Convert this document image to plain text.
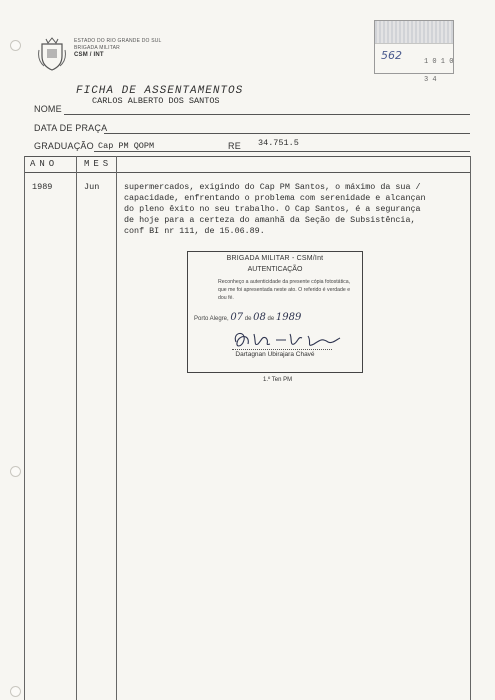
ESTADO DO RIO GRANDE DO SUL
BRIGADA MILITAR
CSM / INT	562	1 0 1 0
3 4
FICHA DE ASSENTAMENTOS
NOME
CARLOS ALBERTO DOS SANTOS
DATA DE PRAÇA
GRADUAÇÃO Cap PM QOPM	RE 34.751.5
ANO	MES
1989	Jun	supermercados, exigindo do Cap PM Santos, o máximo da sua /
capacidade, enfrentando o problema com serenidade e alcançan
do pleno êxito no seu trabalho. O Cap Santos, é a segurança
de hoje para a certeza do amanhã da Seção de Subsistência,
conf BI nr 111, de 15.06.89.
BRIGADA MILITAR - CSM/Int
AUTENTICAÇÃO
Reconheço a autenticidade da presente cópia fotostática, que me foi apresentada neste ato. O referido é verdade e dou fé.
Porto Alegre, 07 de 08 de 1989
Dartagnan Ubirajara Chavé
1.º Ten PM
